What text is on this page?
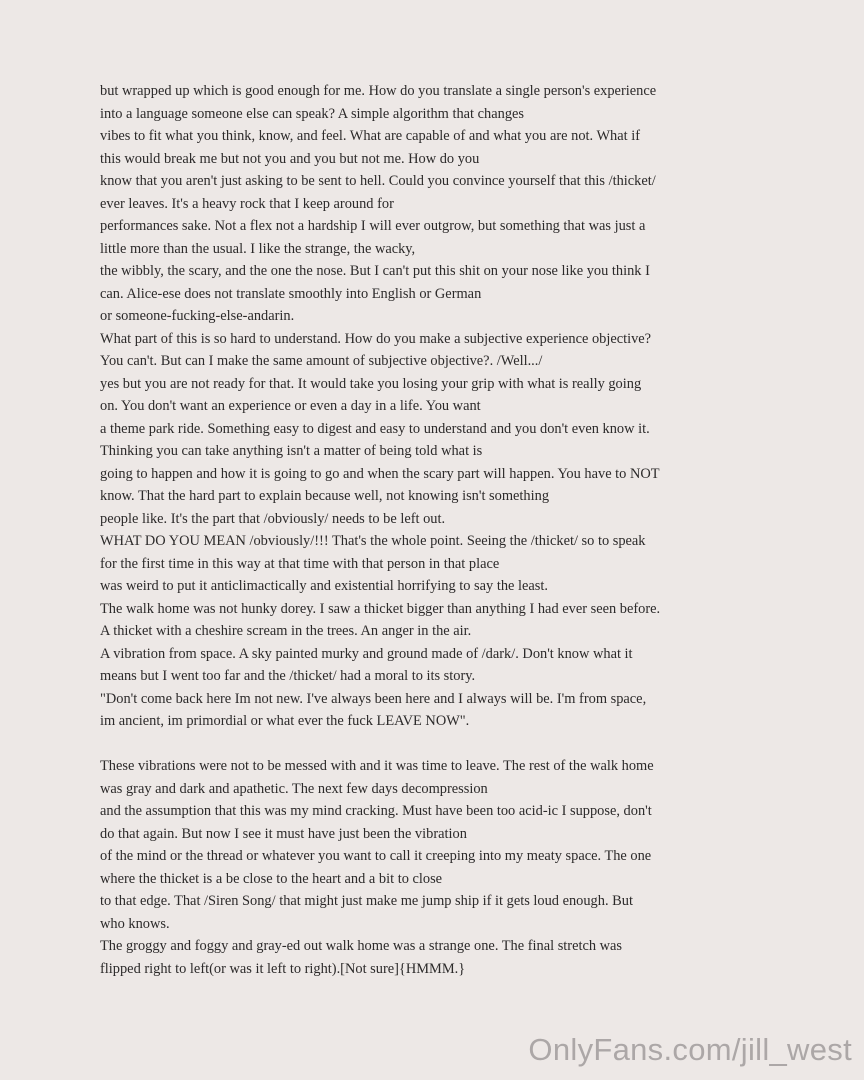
but wrapped up which is good enough for me. How do you translate a single person's experience
into a language someone else can speak? A simple algorithm that changes
vibes to fit what you think, know, and feel. What are capable of and what you are not. What if
this would break me but not you and you but not me. How do you
know that you aren't just asking to be sent to hell. Could you convince yourself that this /thicket/
ever leaves. It's a heavy rock that I keep around for
performances sake. Not a flex not a hardship I will ever outgrow, but something that was just a
little more than the usual. I like the strange, the wacky,
the wibbly, the scary, and the one the nose. But I can't put this shit on your nose like you think I
can. Alice-ese does not translate smoothly into English or German
or someone-fucking-else-andarin.
What part of this is so hard to understand. How do you make a subjective experience objective?
You can't. But can I make the same amount of subjective objective?. /Well.../
yes but you are not ready for that. It would take you losing your grip with what is really going
on. You don't want an experience or even a day in a life. You want
a theme park ride. Something easy to digest and easy to understand and you don't even know it.
Thinking you can take anything isn't a matter of being told what is
going to happen and how it is going to go and when the scary part will happen. You have to NOT
know. That the hard part to explain because well, not knowing isn't something
people like. It's the part that /obviously/ needs to be left out.
WHAT DO YOU MEAN /obviously/!!! That's the whole point. Seeing the /thicket/ so to speak
for the first time in this way at that time with that person in that place
was weird to put it anticlimactically and existential horrifying to say the least.
The walk home was not hunky dorey. I saw a thicket bigger than anything I had ever seen before.
A thicket with a cheshire scream in the trees. An anger in the air.
A vibration from space. A sky painted murky and ground made of /dark/. Don't know what it
means but I went too far and the /thicket/ had a moral to its story.
"Don't come back here Im not new. I've always been here and I always will be. I'm from space,
im ancient, im primordial or what ever the fuck LEAVE NOW".
These vibrations were not to be messed with and it was time to leave. The rest of the walk home
was gray and dark and apathetic. The next few days decompression
and the assumption that this was my mind cracking. Must have been too acid-ic I suppose, don't
do that again. But now I see it must have just been the vibration
of the mind or the thread or whatever you want to call it creeping into my meaty space. The one
where the thicket is a be close to the heart and a bit to close
to that edge. That /Siren Song/ that might just make me jump ship if it gets loud enough. But
who knows.
The groggy and foggy and gray-ed out walk home was a strange one. The final stretch was
flipped right to left(or was it left to right).[Not sure]{HMMM.}
OnlyFans.com/jill_west
